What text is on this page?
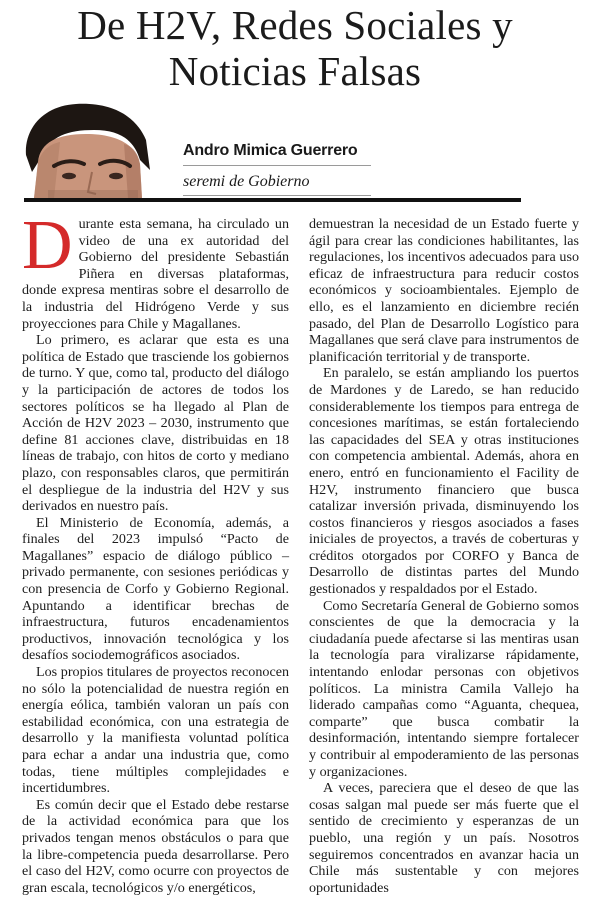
De H2V, Redes Sociales y
Noticias Falsas
Andro Mimica Guerrero
seremi de Gobierno

Durante esta semana, ha circulado un video de una ex autoridad del Gobierno del presidente Sebastián Piñera en diversas plataformas, donde expresa mentiras sobre el desarrollo de la industria del Hidrógeno Verde y sus proyecciones para Chile y Magallanes.

Lo primero, es aclarar que esta es una política de Estado que trasciende los gobiernos de turno. Y que, como tal, producto del diálogo y la participación de actores de todos los sectores políticos se ha llegado al Plan de Acción de H2V 2023 – 2030, instrumento que define 81 acciones clave, distribuidas en 18 líneas de trabajo, con hitos de corto y mediano plazo, con responsables claros, que permitirán el despliegue de la industria del H2V y sus derivados en nuestro país.

El Ministerio de Economía, además, a finales del 2023 impulsó “Pacto de Magallanes” espacio de diálogo público – privado permanente, con sesiones periódicas y con presencia de Corfo y Gobierno Regional. Apuntando a identificar brechas de infraestructura, futuros encadenamientos productivos, innovación tecnológica y los desafíos sociodemográficos asociados.

Los propios titulares de proyectos reconocen no sólo la potencialidad de nuestra región en energía eólica, también valoran un país con estabilidad económica, con una estrategia de desarrollo y la manifiesta voluntad política para echar a andar una industria que, como todas, tiene múltiples complejidades e incertidumbres.

Es común decir que el Estado debe restarse de la actividad económica para que los privados tengan menos obstáculos o para que la libre-competencia pueda desarrollarse. Pero el caso del H2V, como ocurre con proyectos de gran escala, tecnológicos y/o energéticos,

demuestran la necesidad de un Estado fuerte y ágil para crear las condiciones habilitantes, las regulaciones, los incentivos adecuados para uso eficaz de infraestructura para reducir costos económicos y socioambientales. Ejemplo de ello, es el lanzamiento en diciembre recién pasado, del Plan de Desarrollo Logístico para Magallanes que será clave para instrumentos de planificación territorial y de transporte.

En paralelo, se están ampliando los puertos de Mardones y de Laredo, se han reducido considerablemente los tiempos para entrega de concesiones marítimas, se están fortaleciendo las capacidades del SEA y otras instituciones con competencia ambiental. Además, ahora en enero, entró en funcionamiento el Facility de H2V, instrumento financiero que busca catalizar inversión privada, disminuyendo los costos financieros y riesgos asociados a fases iniciales de proyectos, a través de coberturas y créditos otorgados por CORFO y Banca de Desarrollo de distintas partes del Mundo gestionados y respaldados por el Estado.

Como Secretaría General de Gobierno somos conscientes de que la democracia y la ciudadanía puede afectarse si las mentiras usan la tecnología para viralizarse rápidamente, intentando enlodar personas con objetivos políticos. La ministra Camila Vallejo ha liderado campañas como “Aguanta, chequea, comparte” que busca combatir la desinformación, intentando siempre fortalecer y contribuir al empoderamiento de las personas y organizaciones.

A veces, pareciera que el deseo de que las cosas salgan mal puede ser más fuerte que el sentido de crecimiento y esperanzas de un pueblo, una región y un país. Nosotros seguiremos concentrados en avanzar hacia un Chile más sustentable y con mejores oportunidades
